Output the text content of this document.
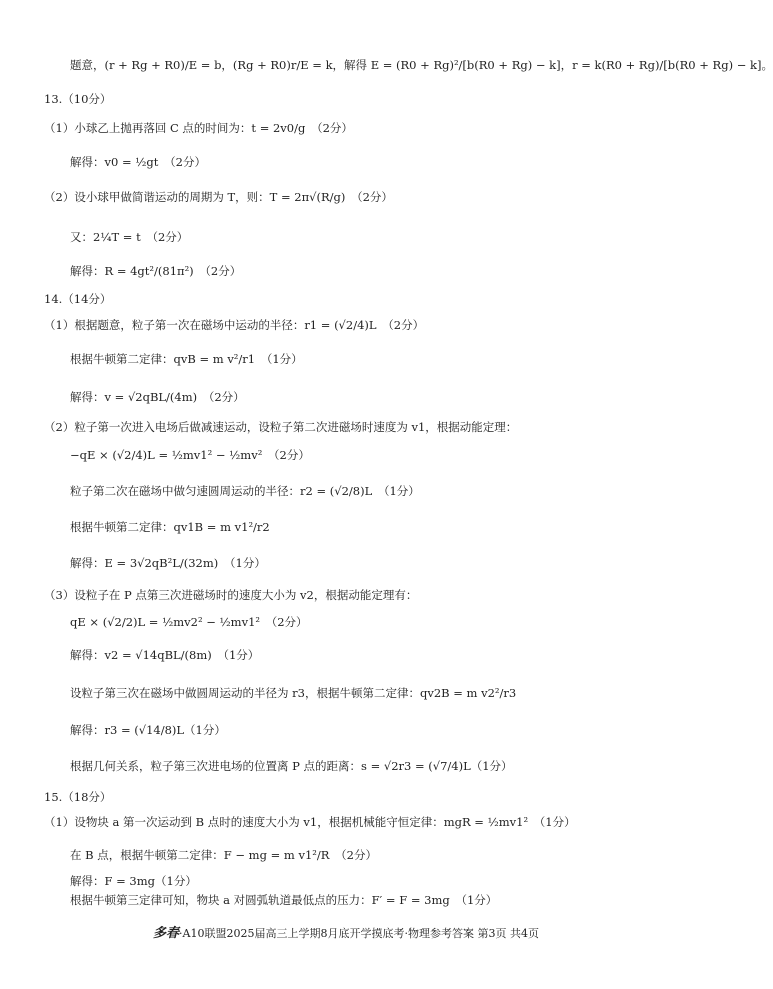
题意，(r + Rg + R0)/E = b，(Rg + R0)r/E = k，解得 E = (R0 + Rg)²/[b(R0 + Rg) − k]，r = k(R0 + Rg)/[b(R0 + Rg) − k]。
13.（10分）
（1）小球乙上抛再落回 C 点的时间为：t = 2v0/g　（2分）
解得：v0 = ½gt　（2分）
（2）设小球甲做简谐运动的周期为 T，则：T = 2π√(R/g)　（2分）
又：2¼T = t　（2分）
解得：R = 4gt²/(81π²)　（2分）
14.（14分）
（1）根据题意，粒子第一次在磁场中运动的半径：r1 = (√2/4)L　（2分）
根据牛顿第二定律：qvB = m v²/r1　（1分）
解得：v = √2qBL/(4m)　（2分）
（2）粒子第一次进入电场后做减速运动，设粒子第二次进磁场时速度为 v1，根据动能定理：
−qE × (√2/4)L = ½mv1² − ½mv²　（2分）
粒子第二次在磁场中做匀速圆周运动的半径：r2 = (√2/8)L　（1分）
根据牛顿第二定律：qv1B = m v1²/r2
解得：E = 3√2qB²L/(32m)　（1分）
（3）设粒子在 P 点第三次进磁场时的速度大小为 v2，根据动能定理有：
qE × (√2/2)L = ½mv2² − ½mv1²　（2分）
解得：v2 = √14qBL/(8m)　（1分）
设粒子第三次在磁场中做圆周运动的半径为 r3，根据牛顿第二定律：qv2B = m v2²/r3
解得：r3 = (√14/8)L（1分）
根据几何关系，粒子第三次进电场的位置离 P 点的距离：s = √2r3 = (√7/4)L（1分）
15.（18分）
（1）设物块 a 第一次运动到 B 点时的速度大小为 v1，根据机械能守恒定律：mgR = ½mv1²　（1分）
在 B 点，根据牛顿第二定律：F − mg = m v1²/R　（2分）
解得：F = 3mg（1分）
根据牛顿第三定律可知，物块 a 对圆弧轨道最低点的压力：F′ = F = 3mg　（1分）
多春·A10联盟2025届高三上学期8月底开学摸底考·物理参考答案 第3页 共4页
